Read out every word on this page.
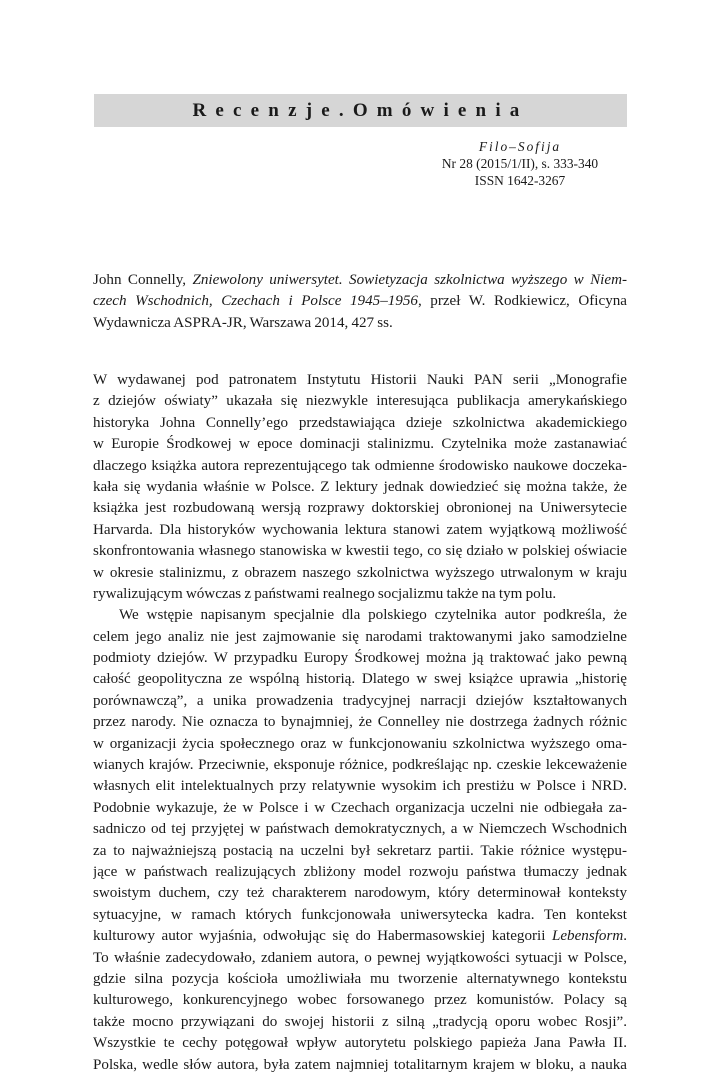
Recenzje.Omówienia
Filo–Sofija
Nr 28 (2015/1/II), s. 333-340
ISSN 1642-3267
John Connelly, Zniewolony uniwersytet. Sowietyzacja szkolnictwa wyższego w Niem-
czech Wschodnich, Czechach i Polsce 1945–1956, przeł W. Rodkiewicz, Oficyna
Wydawnicza ASPRA-JR, Warszawa 2014, 427 ss.
W wydawanej pod patronatem Instytutu Historii Nauki PAN serii „Monografie
z dziejów oświaty” ukazała się niezwykle interesująca publikacja amerykańskiego
historyka Johna Connelly’ego przedstawiająca dzieje szkolnictwa akademickiego
w Europie Środkowej w epoce dominacji stalinizmu. Czytelnika może zastanawiać
dlaczego książka autora reprezentującego tak odmienne środowisko naukowe doczeka-
kała się wydania właśnie w Polsce. Z lektury jednak dowiedzieć się można także, że
książka jest rozbudowaną wersją rozprawy doktorskiej obronionej na Uniwersytecie
Harvarda. Dla historyków wychowania lektura stanowi zatem wyjątkową możliwość
skonfrontowania własnego stanowiska w kwestii tego, co się działo w polskiej oświacie
w okresie stalinizmu, z obrazem naszego szkolnictwa wyższego utrwalonym w kraju
rywalizującym wówczas z państwami realnego socjalizmu także na tym polu.
We wstępie napisanym specjalnie dla polskiego czytelnika autor podkreśla, że
celem jego analiz nie jest zajmowanie się narodami traktowanymi jako samodzielne
podmioty dziejów. W przypadku Europy Środkowej można ją traktować jako pewną
całość geopolityczna ze wspólną historią. Dlatego w swej książce uprawia „historię
porównawczą”, a unika prowadzenia tradycyjnej narracji dziejów kształtowanych
przez narody. Nie oznacza to bynajmniej, że Connelley nie dostrzega żadnych różnic
w organizacji życia społecznego oraz w funkcjonowaniu szkolnictwa wyższego oma-
wianych krajów. Przeciwnie, eksponuje różnice, podkreślając np. czeskie lekceważenie
własnych elit intelektualnych przy relatywnie wysokim ich prestiżu w Polsce i NRD.
Podobnie wykazuje, że w Polsce i w Czechach organizacja uczelni nie odbiegała za-
sadniczo od tej przyjętej w państwach demokratycznych, a w Niemczech Wschodnich
za to najważniejszą postacią na uczelni był sekretarz partii. Takie różnice występu-
jące w państwach realizujących zbliżony model rozwoju państwa tłumaczy jednak
swoistym duchem, czy też charakterem narodowym, który determinował konteksty
sytuacyjne, w ramach których funkcjonowała uniwersytecka kadra. Ten kontekst
kulturowy autor wyjaśnia, odwołując się do Habermasowskiej kategorii Lebensform.
To właśnie zadecydowało, zdaniem autora, o pewnej wyjątkowości sytuacji w Polsce,
gdzie silna pozycja kościoła umożliwiała mu tworzenie alternatywnego kontekstu
kulturowego, konkurencyjnego wobec forsowanego przez komunistów. Polacy są
także mocno przywiązani do swojej historii z silną „tradycją oporu wobec Rosji”.
Wszystkie te cechy potęgował wpływ autorytetu polskiego papieża Jana Pawła II.
Polska, wedle słów autora, była zatem najmniej totalitarnym krajem w bloku, a nauka
